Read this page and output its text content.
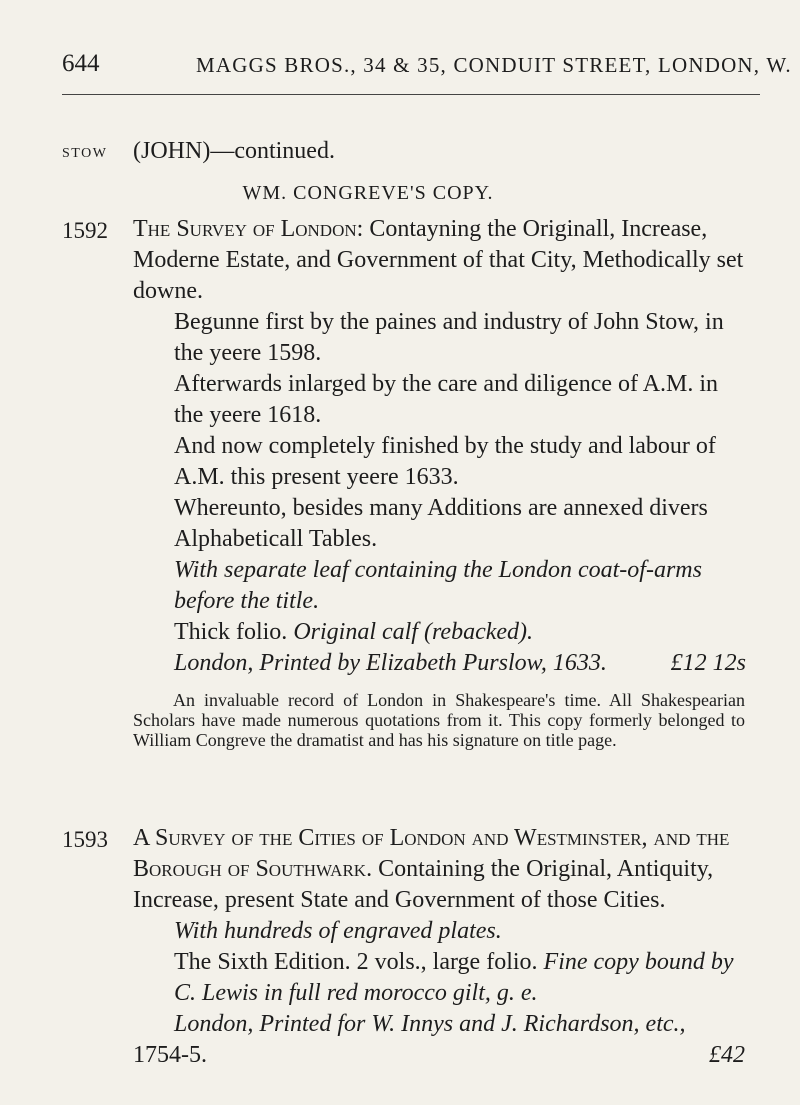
644	MAGGS BROS., 34 & 35, CONDUIT STREET, LONDON, W.
stow (JOHN)—continued.
WM. CONGREVE'S COPY.
1592 The Survey of London: Contayning the Originall, Increase, Moderne Estate, and Government of that City, Methodically set downe.
Begunne first by the paines and industry of John Stow, in the yeere 1598.
Afterwards inlarged by the care and diligence of A.M. in the yeere 1618.
And now completely finished by the study and labour of A.M. this present yeere 1633.
Whereunto, besides many Additions are annexed divers Alphabeticall Tables.
With separate leaf containing the London coat-of-arms before the title.
Thick folio. Original calf (rebacked).
London, Printed by Elizabeth Purslow, 1633.	£12 12s
An invaluable record of London in Shakespeare's time. All Shakespearian Scholars have made numerous quotations from it. This copy formerly belonged to William Congreve the dramatist and has his signature on title page.
1593 A Survey of the Cities of London and Westminster, and the Borough of Southwark. Containing the Original, Antiquity, Increase, present State and Government of those Cities.
With hundreds of engraved plates.
The Sixth Edition. 2 vols., large folio. Fine copy bound by C. Lewis in full red morocco gilt, g. e.
London, Printed for W. Innys and J. Richardson, etc.,
1754-5.	£42
